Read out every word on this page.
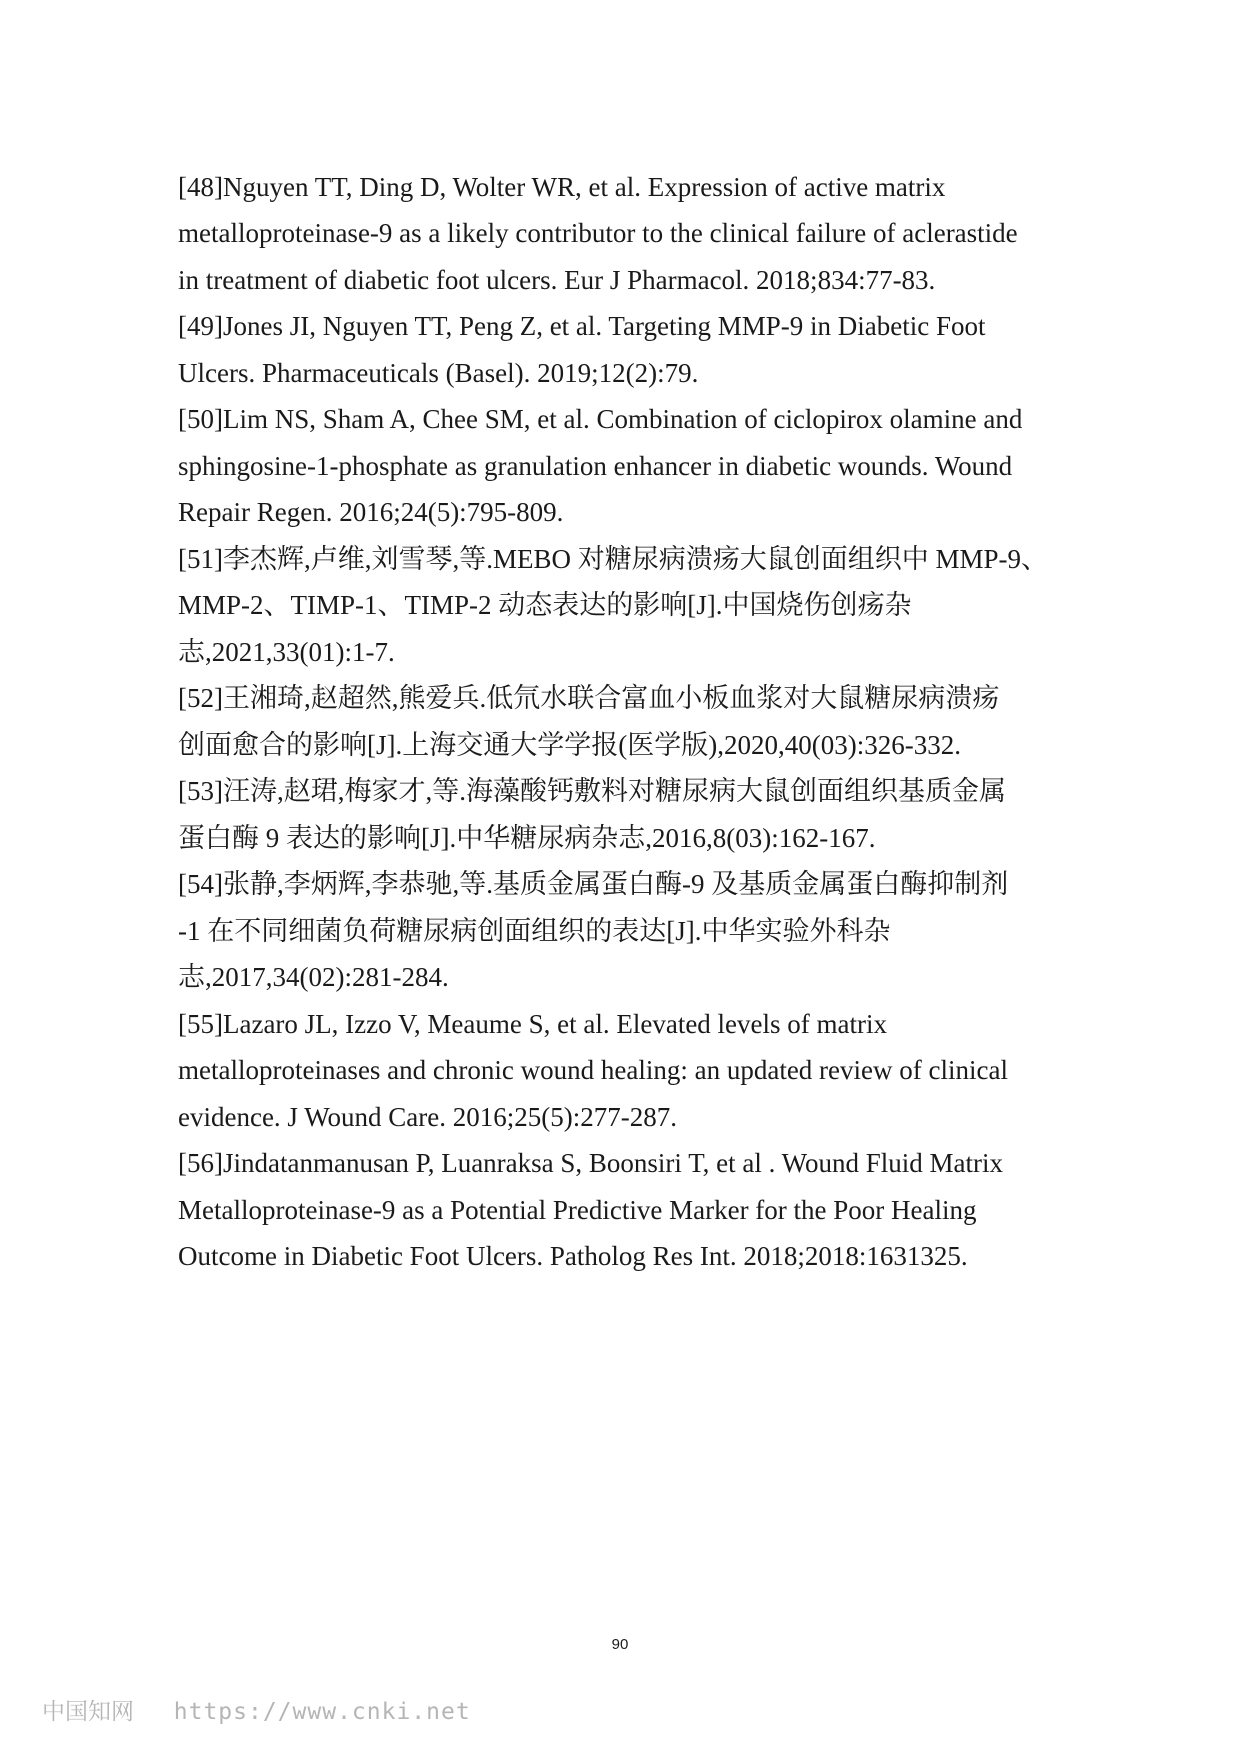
[48]Nguyen TT, Ding D, Wolter WR, et al. Expression of active matrix
metalloproteinase-9 as a likely contributor to the clinical failure of aclerastide
in treatment of diabetic foot ulcers. Eur J Pharmacol. 2018;834:77-83.
[49]Jones JI, Nguyen TT, Peng Z, et al. Targeting MMP-9 in Diabetic Foot
Ulcers. Pharmaceuticals (Basel). 2019;12(2):79.
[50]Lim NS, Sham A, Chee SM, et al. Combination of ciclopirox olamine and
sphingosine-1-phosphate as granulation enhancer in diabetic wounds. Wound
Repair Regen. 2016;24(5):795-809.
[51]李杰辉,卢维,刘雪琴,等.MEBO 对糖尿病溃疡大鼠创面组织中 MMP-9、
MMP-2、TIMP-1、TIMP-2 动态表达的影响[J].中国烧伤创疡杂
志,2021,33(01):1-7.
[52]王湘琦,赵超然,熊爱兵.低氘水联合富血小板血浆对大鼠糖尿病溃疡
创面愈合的影响[J].上海交通大学学报(医学版),2020,40(03):326-332.
[53]汪涛,赵珺,梅家才,等.海藻酸钙敷料对糖尿病大鼠创面组织基质金属
蛋白酶 9 表达的影响[J].中华糖尿病杂志,2016,8(03):162-167.
[54]张静,李炳辉,李恭驰,等.基质金属蛋白酶-9 及基质金属蛋白酶抑制剂
-1 在不同细菌负荷糖尿病创面组织的表达[J].中华实验外科杂
志,2017,34(02):281-284.
[55]Lazaro JL, Izzo V, Meaume S, et al. Elevated levels of matrix
metalloproteinases and chronic wound healing: an updated review of clinical
evidence. J Wound Care. 2016;25(5):277-287.
[56]Jindatanmanusan P, Luanraksa S, Boonsiri T, et al . Wound Fluid Matrix
Metalloproteinase-9 as a Potential Predictive Marker for the Poor Healing
Outcome in Diabetic Foot Ulcers. Patholog Res Int. 2018;2018:1631325.
90
中国知网 https://www.cnki.net
